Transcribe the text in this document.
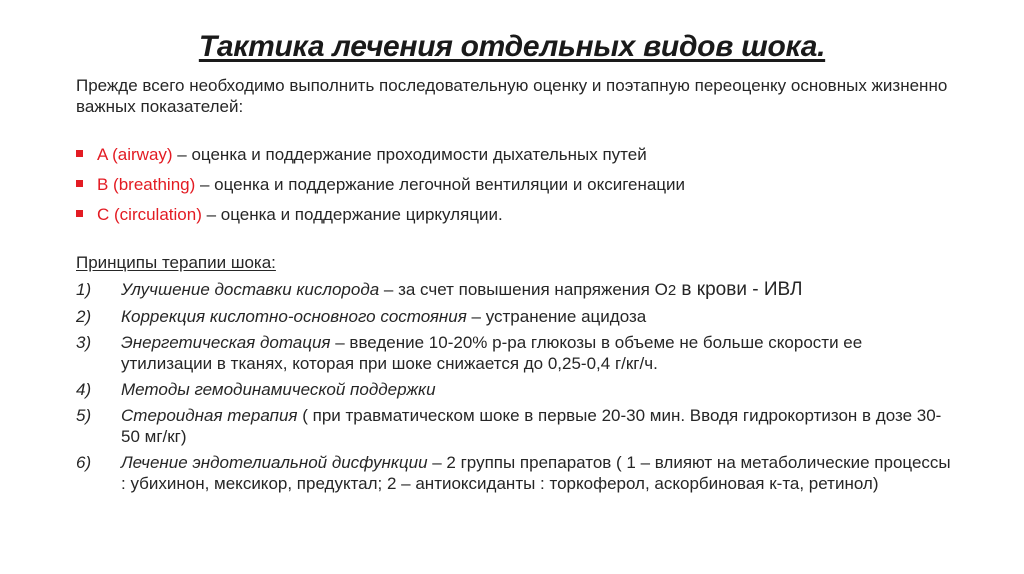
Тактика лечения отдельных видов шока.

Прежде всего необходимо выполнить последовательную оценку и поэтапную переоценку основных жизненно важных показателей:

A (airway) – оценка и поддержание проходимости дыхательных путей
B (breathing) – оценка и поддержание легочной вентиляции и оксигенации
C (circulation) – оценка и поддержание циркуляции.
Принципы терапии шока:
1) Улучшение доставки кислорода – за счет повышения напряжения О2 в крови - ИВЛ
2) Коррекция кислотно-основного состояния – устранение ацидоза
3) Энергетическая дотация – введение 10-20% р-ра глюкозы в объеме не больше скорости ее утилизации в тканях, которая при шоке снижается до 0,25-0,4 г/кг/ч.
4) Методы гемодинамической поддержки
5) Стероидная терапия ( при травматическом шоке в первые 20-30 мин. Вводя гидрокортизон в дозе 30-50 мг/кг)
6) Лечение эндотелиальной дисфункции – 2 группы препаратов ( 1 – влияют на метаболические процессы : убихинон, мексикор, предуктал; 2 – антиоксиданты : торкоферол, аскорбиновая к-та, ретинол)
